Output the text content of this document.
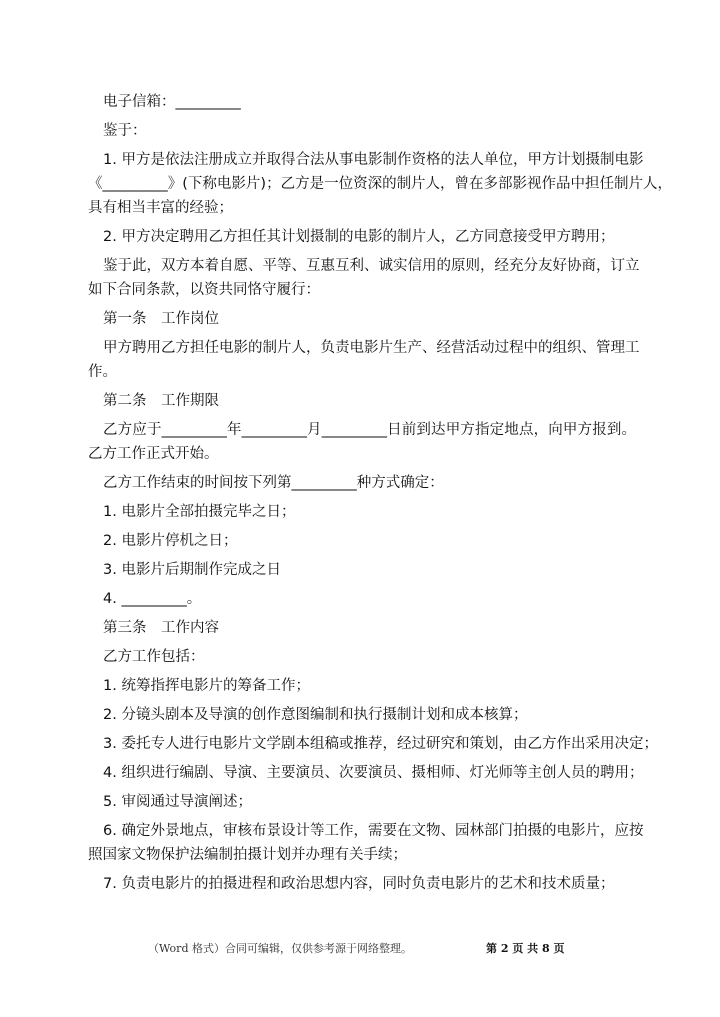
电子信箱：_________
鉴于：
1. 甲方是依法注册成立并取得合法从事电影制作资格的法人单位，甲方计划摄制电影
《_________》(下称电影片)；乙方是一位资深的制片人，曾在多部影视作品中担任制片人，
具有相当丰富的经验；
2. 甲方决定聘用乙方担任其计划摄制的电影的制片人，乙方同意接受甲方聘用；
鉴于此，双方本着自愿、平等、互惠互利、诚实信用的原则，经充分友好协商，订立
如下合同条款，以资共同恪守履行：
第一条　工作岗位
甲方聘用乙方担任电影的制片人，负责电影片生产、经营活动过程中的组织、管理工
作。
第二条　工作期限
乙方应于_________年_________月_________日前到达甲方指定地点，向甲方报到。
乙方工作正式开始。
乙方工作结束的时间按下列第_________种方式确定：
1. 电影片全部拍摄完毕之日；
2. 电影片停机之日；
3. 电影片后期制作完成之日
4. _________。
第三条　工作内容
乙方工作包括：
1. 统筹指挥电影片的筹备工作；
2. 分镜头剧本及导演的创作意图编制和执行摄制计划和成本核算；
3. 委托专人进行电影片文学剧本组稿或推荐，经过研究和策划，由乙方作出采用决定；
4. 组织进行编剧、导演、主要演员、次要演员、摄相师、灯光师等主创人员的聘用；
5. 审阅通过导演阐述；
6. 确定外景地点，审核布景设计等工作，需要在文物、园林部门拍摄的电影片，应按
照国家文物保护法编制拍摄计划并办理有关手续；
7. 负责电影片的拍摄进程和政治思想内容，同时负责电影片的艺术和技术质量；
（Word 格式）合同可编辑，仅供参考源于网络整理。	第 2 页 共 8 页
